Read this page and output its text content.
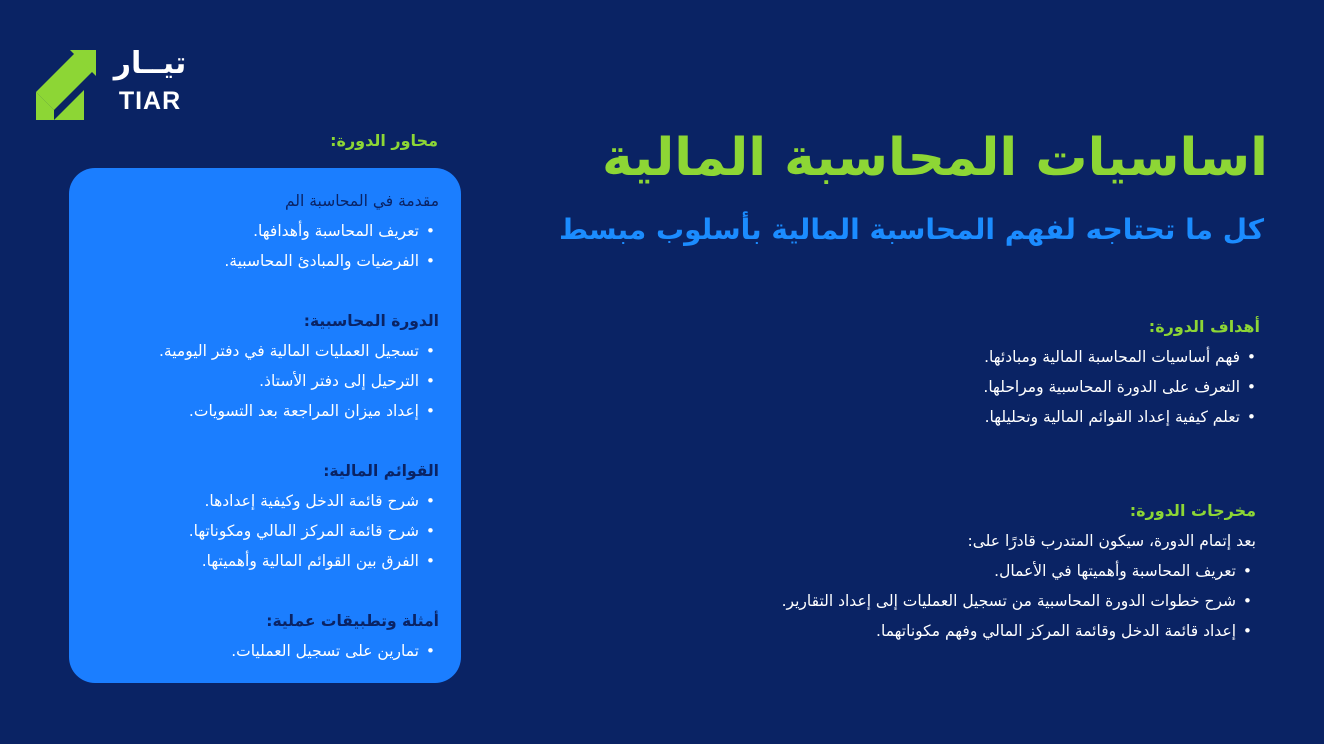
تيــار
TIAR
اساسيات المحاسبة المالية
كل ما تحتاجه لفهم المحاسبة المالية بأسلوب مبسط
أهداف الدورة:
• فهم أساسيات المحاسبة المالية ومبادئها.
• التعرف على الدورة المحاسبية ومراحلها.
• تعلم كيفية إعداد القوائم المالية وتحليلها.
مخرجات الدورة:
بعد إتمام الدورة، سيكون المتدرب قادرًا على:
• تعريف المحاسبة وأهميتها في الأعمال.
• شرح خطوات الدورة المحاسبية من تسجيل العمليات إلى إعداد التقارير.
• إعداد قائمة الدخل وقائمة المركز المالي وفهم مكوناتهما.
محاور الدورة:
مقدمة في المحاسبة الم
• تعريف المحاسبة وأهدافها.
• الفرضيات والمبادئ المحاسبية.
الدورة المحاسبية:
• تسجيل العمليات المالية في دفتر اليومية.
• الترحيل إلى دفتر الأستاذ.
• إعداد ميزان المراجعة بعد التسويات.
القوائم المالية:
• شرح قائمة الدخل وكيفية إعدادها.
• شرح قائمة المركز المالي ومكوناتها.
• الفرق بين القوائم المالية وأهميتها.
أمثلة وتطبيقات عملية:
• تمارين على تسجيل العمليات.
